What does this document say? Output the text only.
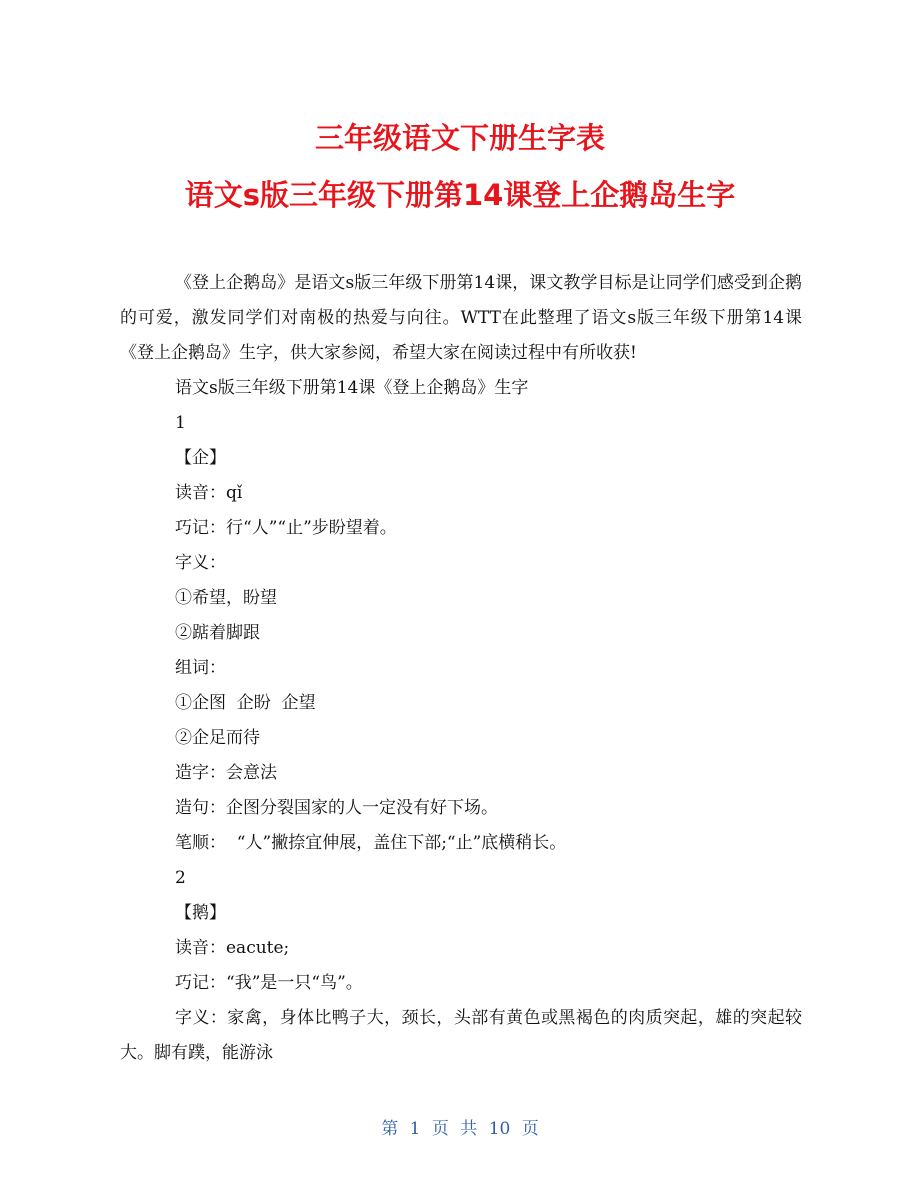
三年级语文下册生字表
语文s版三年级下册第14课登上企鹅岛生字

《登上企鹅岛》是语文s版三年级下册第14课，课文教学目标是让同学们感受到企鹅的可爱，激发同学们对南极的热爱与向往。WTT在此整理了语文s版三年级下册第14课《登上企鹅岛》生字，供大家参阅，希望大家在阅读过程中有所收获!

语文s版三年级下册第14课《登上企鹅岛》生字

1

【企】

读音：qǐ

巧记：行“人”“止”步盼望着。

字义：

①希望，盼望

②踮着脚跟

组词：

①企图  企盼  企望

②企足而待

造字：会意法

造句：企图分裂国家的人一定没有好下场。

笔顺：  “人”撇捺宜伸展，盖住下部;“止”底横稍长。

2

【鹅】

读音：eacute;

巧记：“我”是一只“鸟”。

字义：家禽，身体比鸭子大，颈长，头部有黄色或黑褐色的肉质突起，雄的突起较大。脚有蹼，能游泳

第 1 页 共 10 页
